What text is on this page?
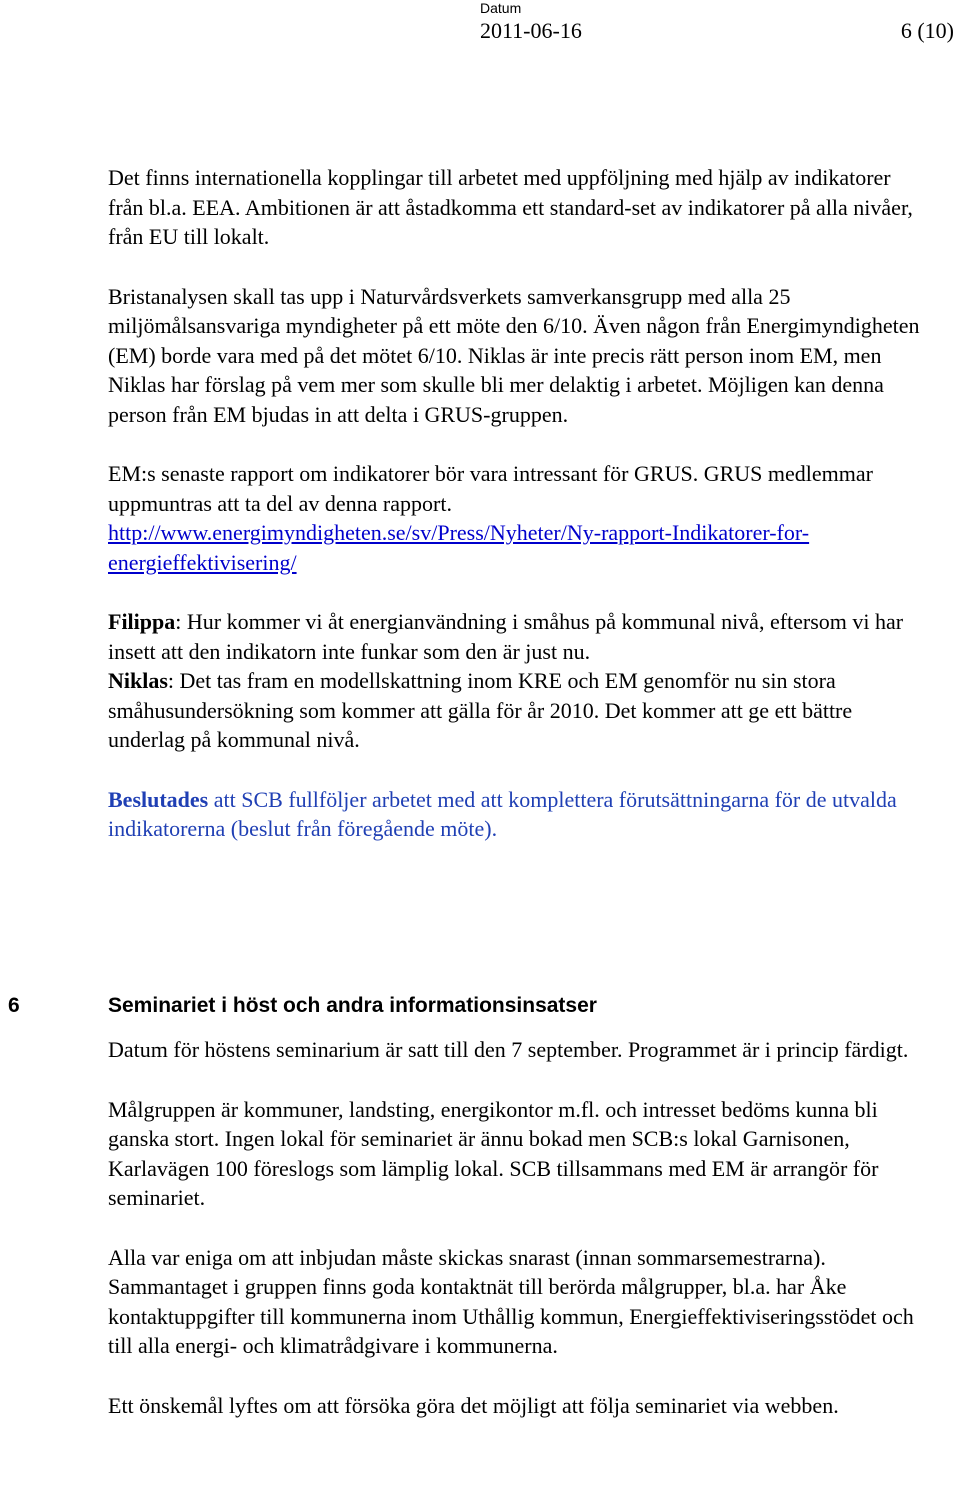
Datum
2011-06-16	6 (10)

Det finns internationella kopplingar till arbetet med uppföljning med hjälp av indikatorer från bl.a. EEA. Ambitionen är att åstadkomma ett standard-set av indikatorer på alla nivåer, från EU till lokalt.

Bristanalysen skall tas upp i Naturvårdsverkets samverkansgrupp med alla 25 miljömålsansvariga myndigheter på ett möte den 6/10. Även någon från Energimyndigheten (EM) borde vara med på det mötet 6/10. Niklas är inte precis rätt person inom EM, men Niklas har förslag på vem mer som skulle bli mer delaktig i arbetet. Möjligen kan denna person från EM bjudas in att delta i GRUS-gruppen.

EM:s senaste rapport om indikatorer bör vara intressant för GRUS. GRUS medlemmar uppmuntras att ta del av denna rapport.
http://www.energimyndigheten.se/sv/Press/Nyheter/Ny-rapport-Indikatorer-for-energieffektivisering/

Filippa: Hur kommer vi åt energianvändning i småhus på kommunal nivå, eftersom vi har insett att den indikatorn inte funkar som den är just nu.

Niklas: Det tas fram en modellskattning inom KRE och EM genomför nu sin stora småhusundersökning som kommer att gälla för år 2010. Det kommer att ge ett bättre underlag på kommunal nivå.

Beslutades att SCB fullföljer arbetet med att komplettera förutsättningarna för de utvalda indikatorerna (beslut från föregående möte).

6	Seminariet i höst och andra informationsinsatser

Datum för höstens seminarium är satt till den 7 september. Programmet är i princip färdigt.

Målgruppen är kommuner, landsting, energikontor m.fl. och intresset bedöms kunna bli ganska stort. Ingen lokal för seminariet är ännu bokad men SCB:s lokal Garnisonen, Karlavägen 100 föreslogs som lämplig lokal. SCB tillsammans med EM är arrangör för seminariet.

Alla var eniga om att inbjudan måste skickas snarast (innan sommarsemestrarna). Sammantaget i gruppen finns goda kontaktnät till berörda målgrupper, bl.a. har Åke kontaktuppgifter till kommunerna inom Uthållig kommun, Energieffektiviseringsstödet och till alla energi- och klimatrådgivare i kommunerna.

Ett önskemål lyftes om att försöka göra det möjligt att följa seminariet via webben.
